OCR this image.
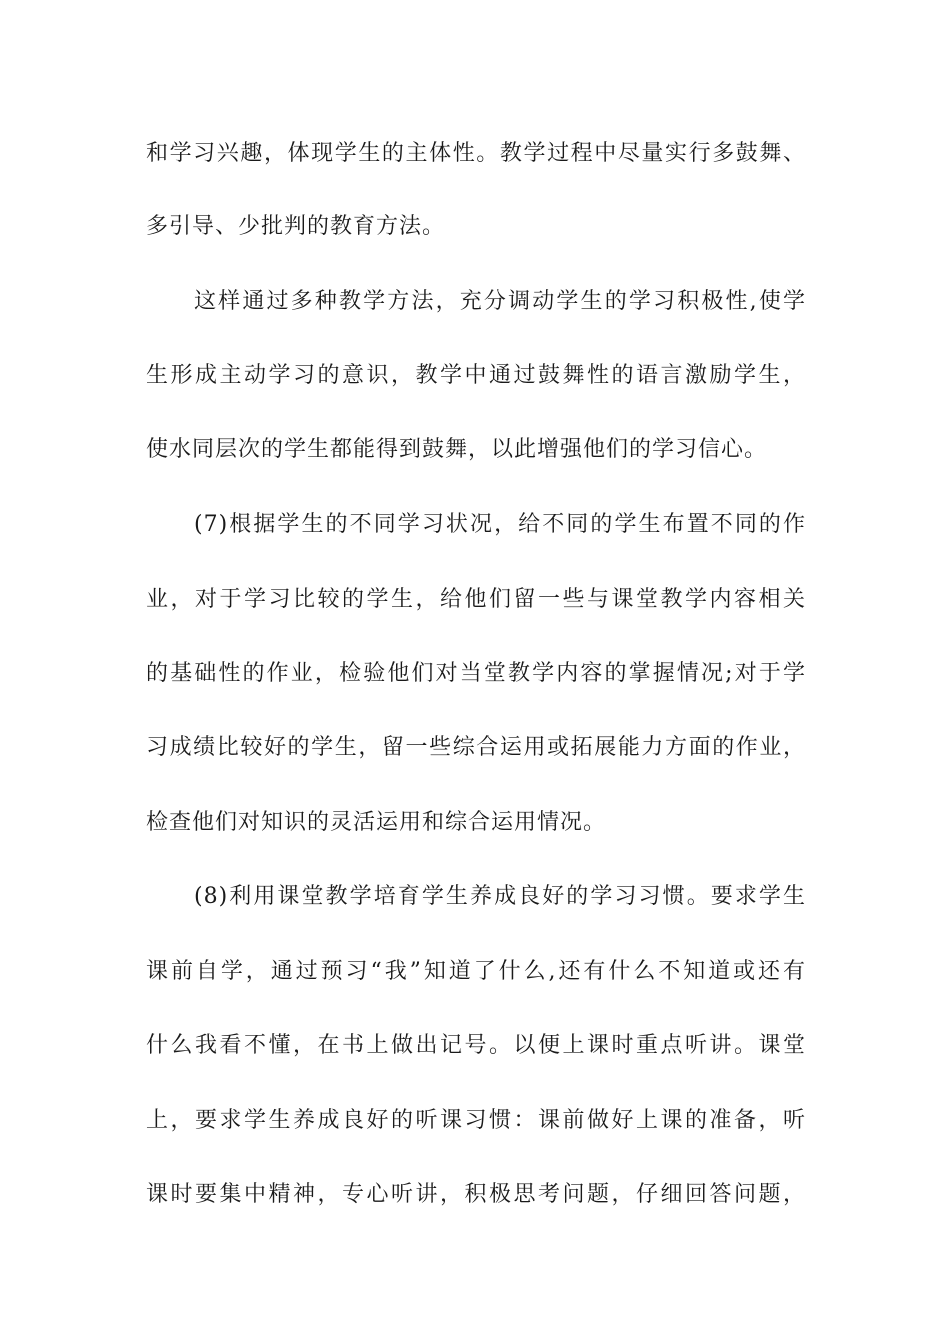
和学习兴趣，体现学生的主体性。教学过程中尽量实行多鼓舞、
多引导、少批判的教育方法。
这样通过多种教学方法，充分调动学生的学习积极性,使学
生形成主动学习的意识，教学中通过鼓舞性的语言激励学生，
使水同层次的学生都能得到鼓舞，以此增强他们的学习信心。
(7)根据学生的不同学习状况，给不同的学生布置不同的作
业，对于学习比较的学生，给他们留一些与课堂教学内容相关
的基础性的作业，检验他们对当堂教学内容的掌握情况;对于学
习成绩比较好的学生，留一些综合运用或拓展能力方面的作业，
检查他们对知识的灵活运用和综合运用情况。
(8)利用课堂教学培育学生养成良好的学习习惯。要求学生
课前自学，通过预习“我”知道了什么,还有什么不知道或还有
什么我看不懂，在书上做出记号。以便上课时重点听讲。课堂
上，要求学生养成良好的听课习惯：课前做好上课的准备，听
课时要集中精神，专心听讲，积极思考问题，仔细回答问题，
